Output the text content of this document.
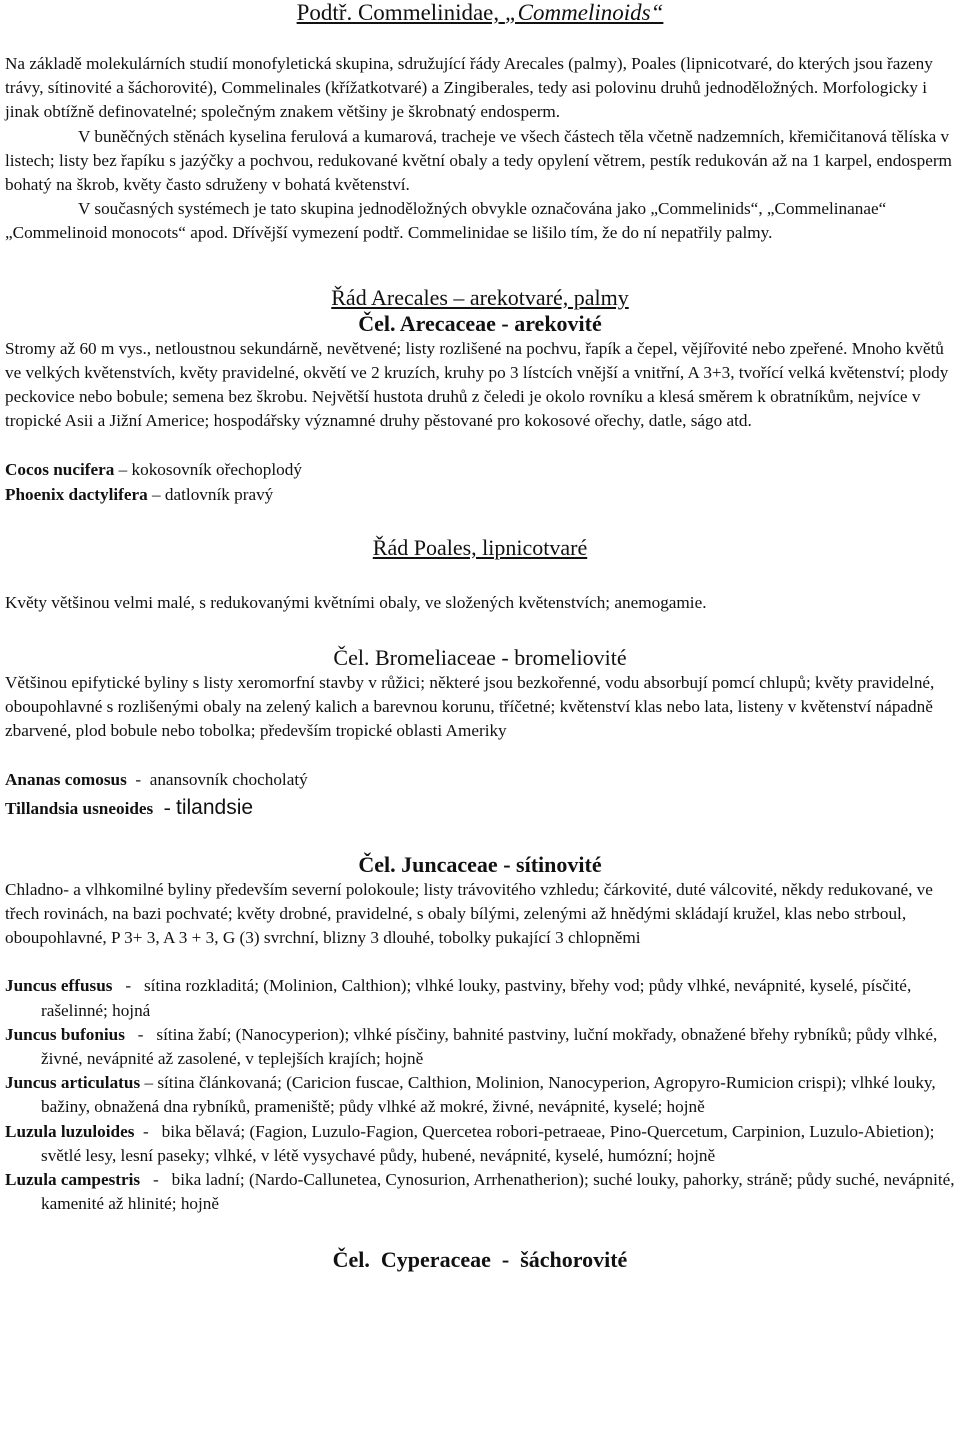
Podtř. Commelinidae, „Commelinoids“

Na základě molekulárních studií monofyletická skupina, sdružující řády Arecales (palmy), Poales (lipnicotvaré, do kterých jsou řazeny trávy, sítinovité a šáchorovité), Commelinales (křížatkotvaré) a Zingiberales, tedy asi polovinu druhů jednoděložných. Morfologicky i jinak obtížně definovatelné; společným znakem většiny je škrobnatý endosperm.

V buněčných stěnách kyselina ferulová a kumarová, tracheje ve všech částech těla včetně nadzemních, křemičitanová tělíska v listech; listy bez řapíku s jazýčky a pochvou, redukované květní obaly a tedy opylení větrem, pestík redukován až na 1 karpel, endosperm bohatý na škrob, květy často sdruženy v bohatá květenství.

V současných systémech je tato skupina jednoděložných obvykle označována jako „Commelinids“, „Commelinanae“ „Commelinoid monocots“ apod. Dřívější vymezení podtř. Commelinidae se lišilo tím, že do ní nepatřily palmy.

Řád Arecales – arekotvaré, palmy

Čel. Arecaceae - arekovité

Stromy až 60 m vys., netloustnou sekundárně, nevětvené; listy rozlišené na pochvu, řapík a čepel, vějířovité nebo zpeřené. Mnoho květů ve velkých květenstvích, květy pravidelné, okvětí ve 2 kruzích, kruhy po 3 lístcích vnější a vnitřní, A 3+3, tvořící velká květenství; plody peckovice nebo bobule; semena bez škrobu. Největší hustota druhů z čeledi je okolo rovníku a klesá směrem k obratníkům, nejvíce v tropické Asii a Jižní Americe; hospodářsky významné druhy pěstované pro kokosové ořechy, datle, ságo atd.

Cocos nucifera – kokosovník ořechoplodý

Phoenix dactylifera – datlovník pravý

Řád Poales, lipnicotvaré

Květy většinou velmi malé, s redukovanými květními obaly, ve složených květenstvích; anemogamie.

Čel. Bromeliaceae - bromeliovité

Většinou epifytické byliny s listy xeromorfní stavby v růžici; některé jsou bezkořenné, vodu absorbují pomcí chlupů; květy pravidelné, oboupohlavné s rozlišenými obaly na zelený kalich a barevnou korunu, tříčetné; květenství klas nebo lata, listeny v květenství nápadně zbarvené, plod bobule nebo tobolka; především tropické oblasti Ameriky

Ananas comosus  -  anansovník chocholatý

Tillandsia usneoides  - tilandsie

Čel. Juncaceae - sítinovité

Chladno- a vlhkomilné byliny především severní polokoule; listy trávovitého vzhledu; čárkovité, duté válcovité, někdy redukované, ve třech rovinách, na bazi pochvaté; květy drobné, pravidelné, s obaly bílými, zelenými až hnědými skládají kružel, klas nebo strboul, oboupohlavné, P 3+ 3, A 3 + 3, G (3) svrchní, blizny 3 dlouhé, tobolky pukající 3 chlopněmi

Juncus effusus   -   sítina rozkladitá; (Molinion, Calthion); vlhké louky, pastviny, břehy vod; půdy vlhké, nevápnité, kyselé, písčité, rašelinné; hojná

Juncus bufonius   -   sítina žabí; (Nanocyperion); vlhké písčiny, bahnité pastviny, luční mokřady, obnažené břehy rybníků; půdy vlhké, živné, nevápnité až zasolené, v teplejších krajích; hojně

Juncus articulatus – sítina článkovaná; (Caricion fuscae, Calthion, Molinion, Nanocyperion, Agropyro-Rumicion crispi); vlhké louky, bažiny, obnažená dna rybníků, prameniště; půdy vlhké až mokré, živné, nevápnité, kyselé; hojně

Luzula luzuloides  -   bika bělavá; (Fagion, Luzulo-Fagion, Quercetea robori-petraeae, Pino-Quercetum, Carpinion, Luzulo-Abietion); světlé lesy, lesní paseky; vlhké, v létě vysychavé půdy, hubené, nevápnité, kyselé, humózní; hojně

Luzula campestris   -   bika ladní; (Nardo-Callunetea, Cynosurion, Arrhenatherion); suché louky, pahorky, stráně; půdy suché, nevápnité, kamenité až hlinité; hojně

Čel.  Cyperaceae  -  šáchorovité
